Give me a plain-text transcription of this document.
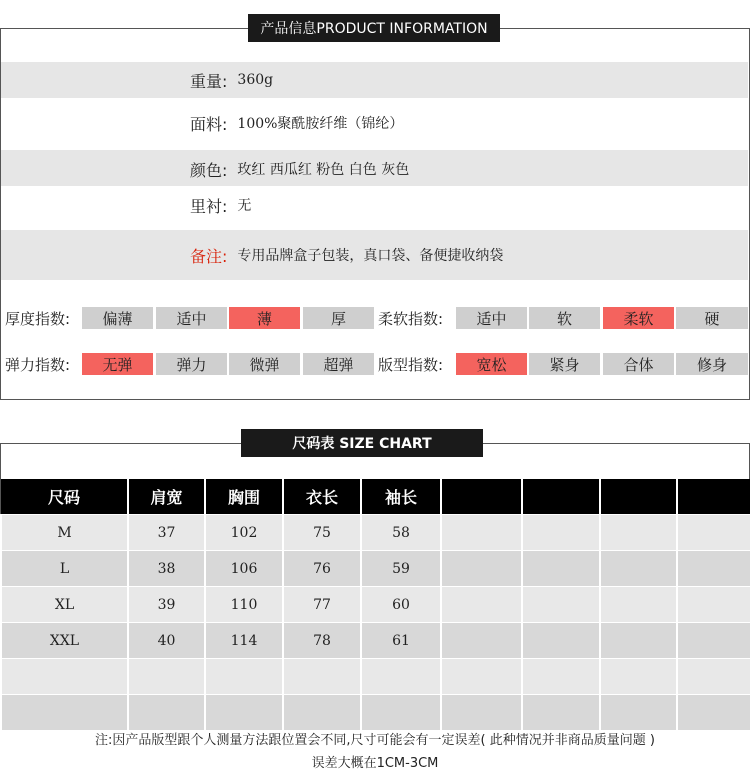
产品信息PRODUCT INFORMATION
重量: 360g
面料: 100%聚酰胺纤维（锦纶）
颜色: 玫红 西瓜红 粉色 白色 灰色
里衬: 无
备注: 专用品牌盒子包装，真口袋、备便捷收纳袋
厚度指数:	偏薄	适中	薄	厚	柔软指数:	适中	软	柔软	硬
弹力指数:	无弹	弹力	微弹	超弹	版型指数:	宽松	紧身	合体	修身
尺码表 SIZE CHART
尺码	肩宽	胸围	衣长	袖长				
M	37	102	75	58				
L	38	106	76	59				
XL	39	110	77	60				
XXL	40	114	78	61				

注:因产品版型跟个人测量方法跟位置会不同,尺寸可能会有一定误差( 此种情况并非商品质量问题 )
误差大概在1CM-3CM
